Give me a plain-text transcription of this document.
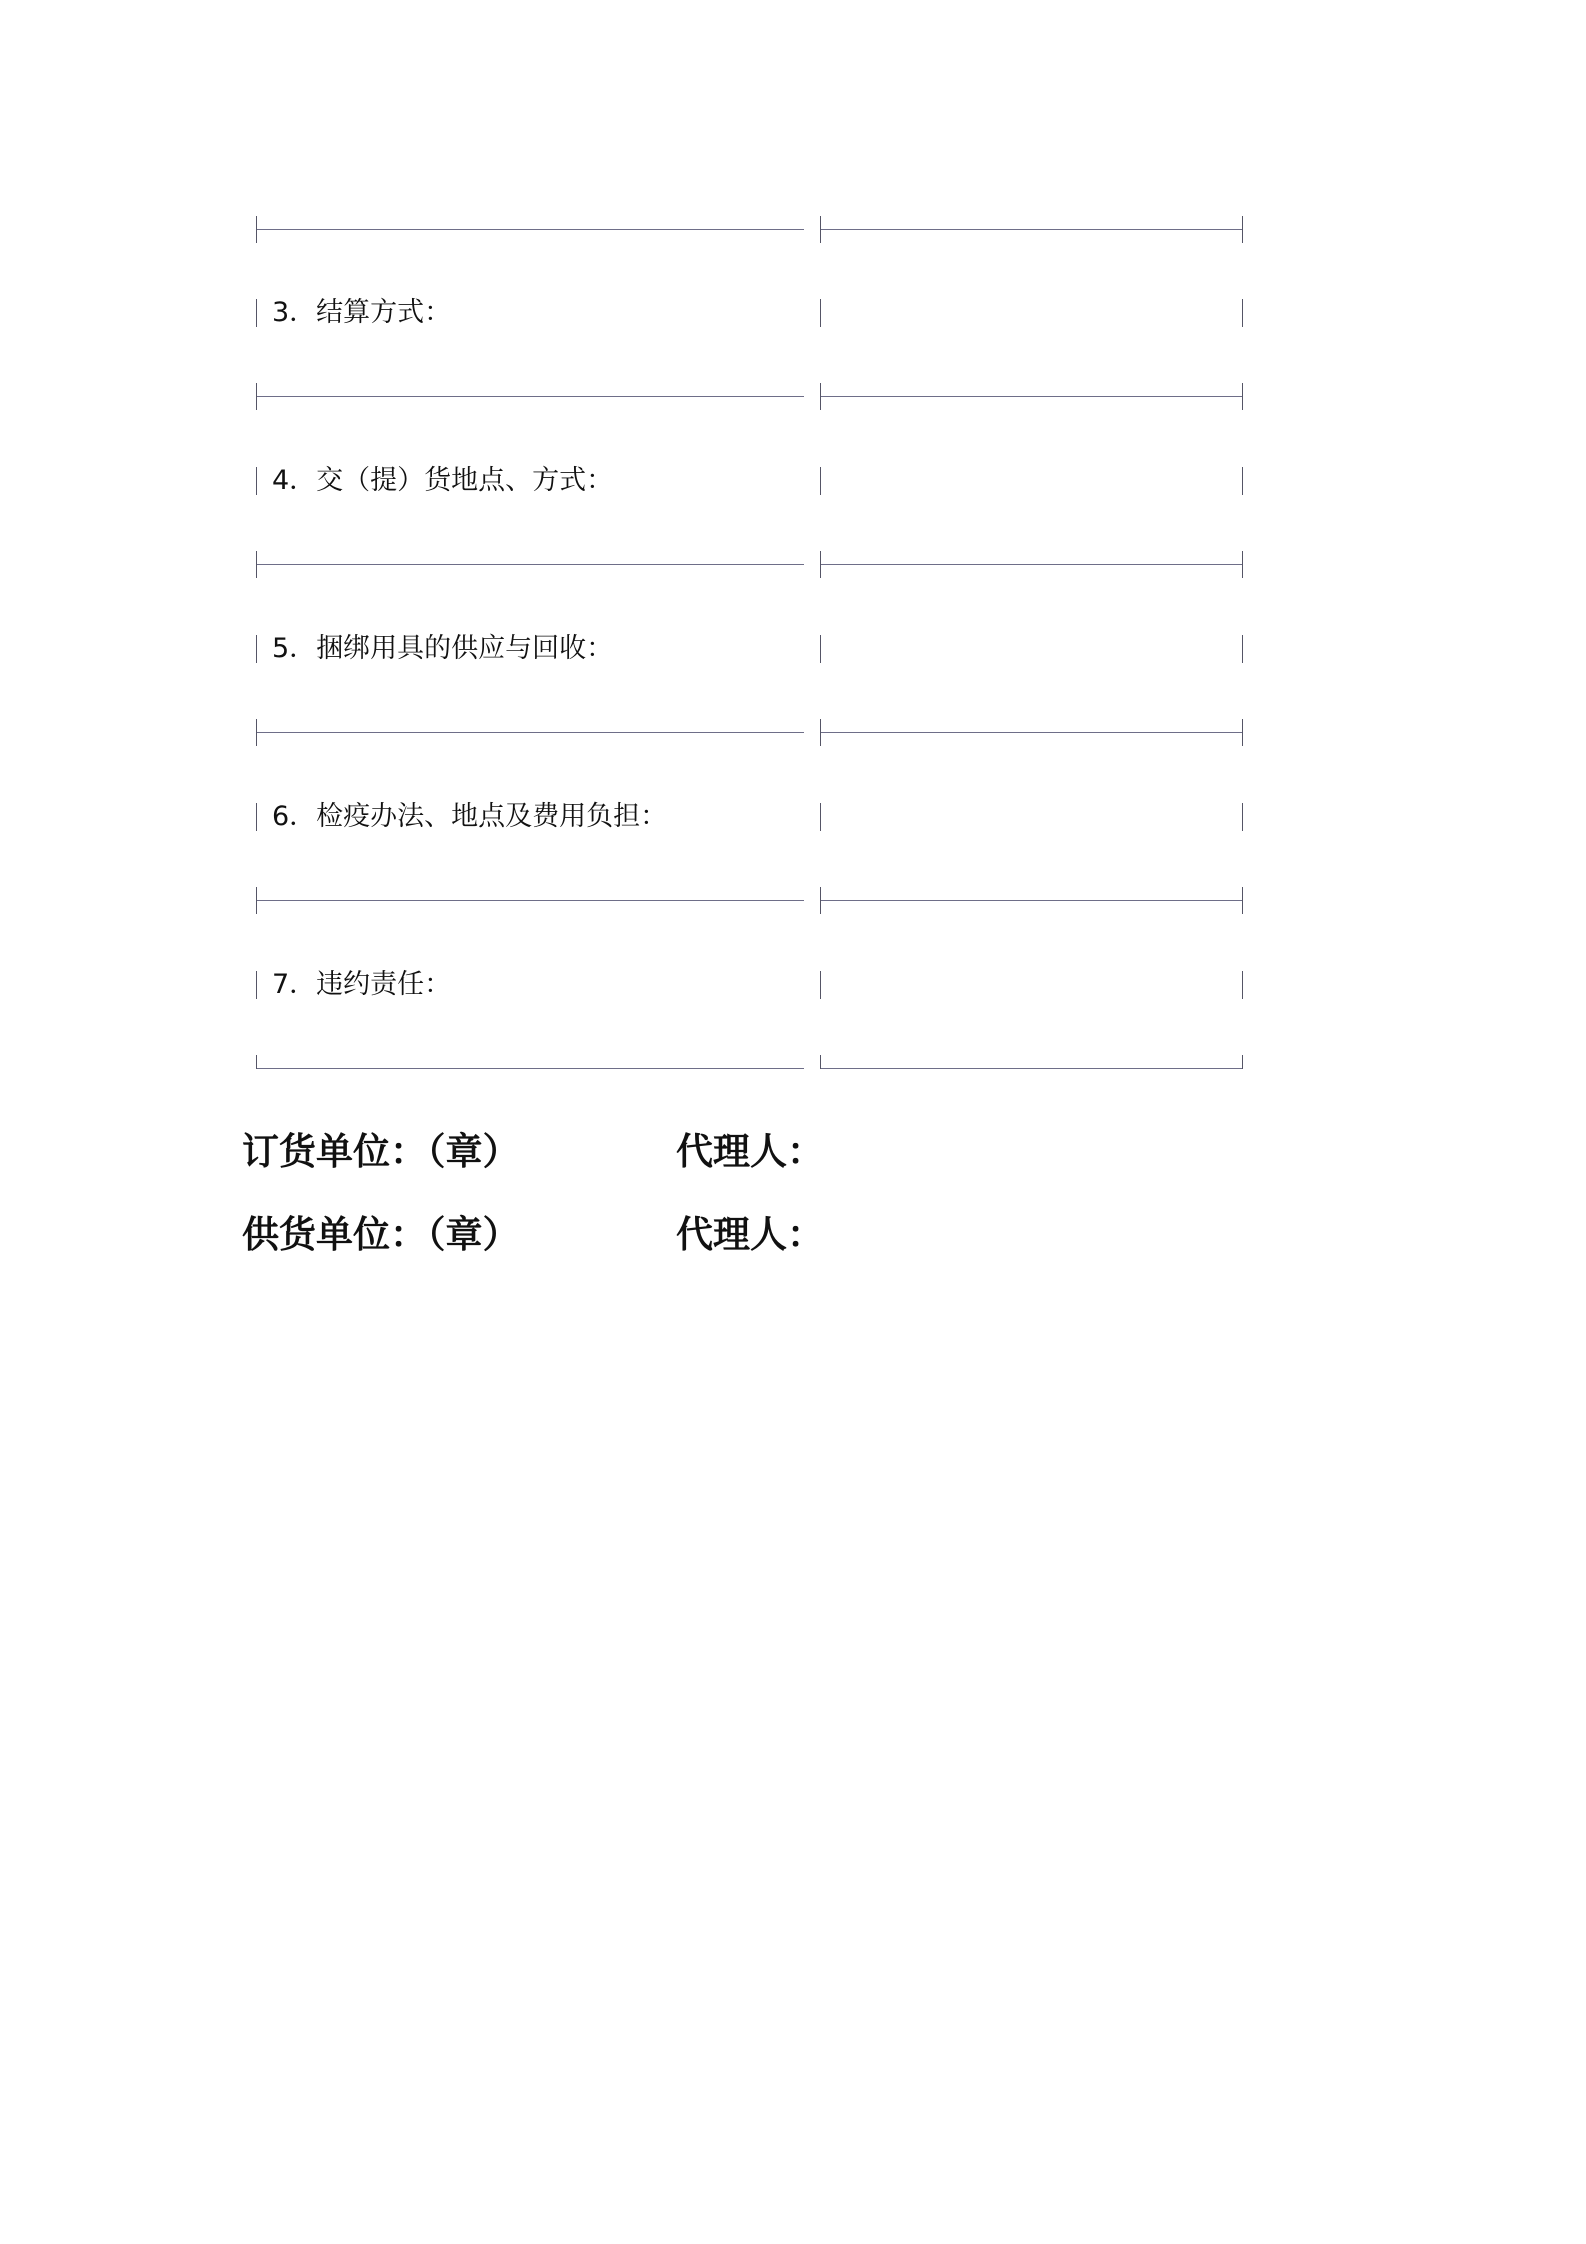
3．结算方式：
4．交（提）货地点、方式：
5．捆绑用具的供应与回收：
6．检疫办法、地点及费用负担：
7．违约责任：
订货单位：（章）	代理人：
供货单位：（章）	代理人：
